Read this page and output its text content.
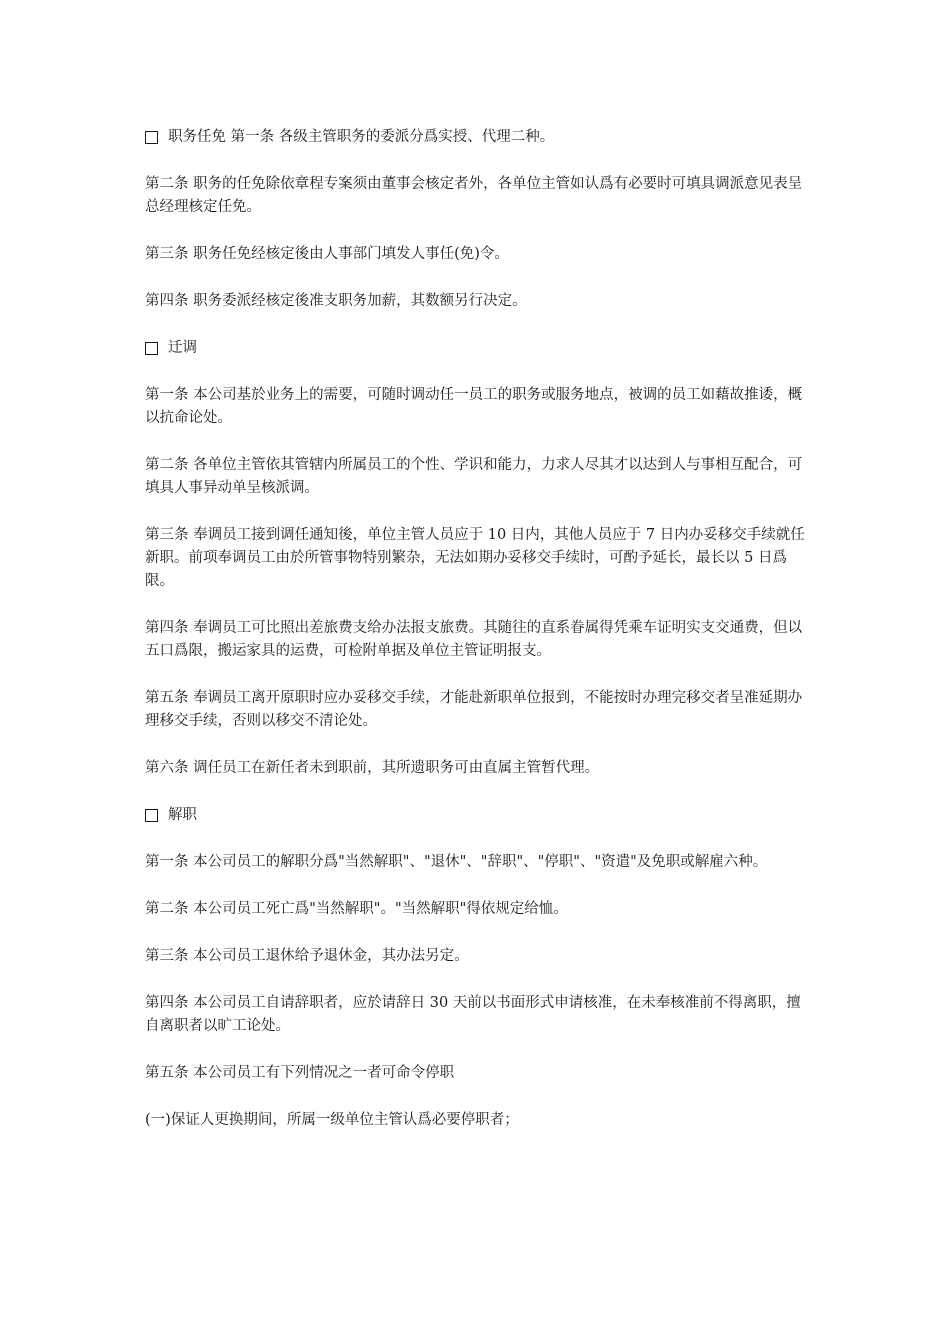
职务任免 第一条 各级主管职务的委派分爲实授、代理二种。

第二条 职务的任免除依章程专案须由董事会核定者外，各单位主管如认爲有必要时可填具调派意见表呈总经理核定任免。

第三条 职务任免经核定後由人事部门填发人事任(免)令。

第四条 职务委派经核定後准支职务加薪，其数额另行决定。

迁调

第一条 本公司基於业务上的需要，可随时调动任一员工的职务或服务地点，被调的员工如藉故推诿，概以抗命论处。

第二条 各单位主管依其管辖内所属员工的个性、学识和能力，力求人尽其才以达到人与事相互配合，可填具人事异动单呈核派调。

第三条 奉调员工接到调任通知後，单位主管人员应于 10 日内，其他人员应于 7 日内办妥移交手续就任新职。前项奉调员工由於所管事物特别繁杂，无法如期办妥移交手续时，可酌予延长，最长以 5 日爲限。

第四条 奉调员工可比照出差旅费支给办法报支旅费。其随往的直系眷属得凭乘车证明实支交通费，但以五口爲限，搬运家具的运费，可检附单据及单位主管证明报支。

第五条 奉调员工离开原职时应办妥移交手续，才能赴新职单位报到，不能按时办理完移交者呈准延期办理移交手续，否则以移交不清论处。

第六条 调任员工在新任者未到职前，其所遗职务可由直属主管暂代理。

解职

第一条 本公司员工的解职分爲"当然解职"、"退休"、"辞职"、"停职"、"资遣"及免职或解雇六种。

第二条 本公司员工死亡爲"当然解职"。"当然解职"得依规定给恤。

第三条 本公司员工退休给予退休金，其办法另定。

第四条 本公司员工自请辞职者，应於请辞日 30 天前以书面形式申请核准，在未奉核准前不得离职，擅自离职者以旷工论处。

第五条 本公司员工有下列情况之一者可命令停职

(一)保证人更换期间，所属一级单位主管认爲必要停职者；
